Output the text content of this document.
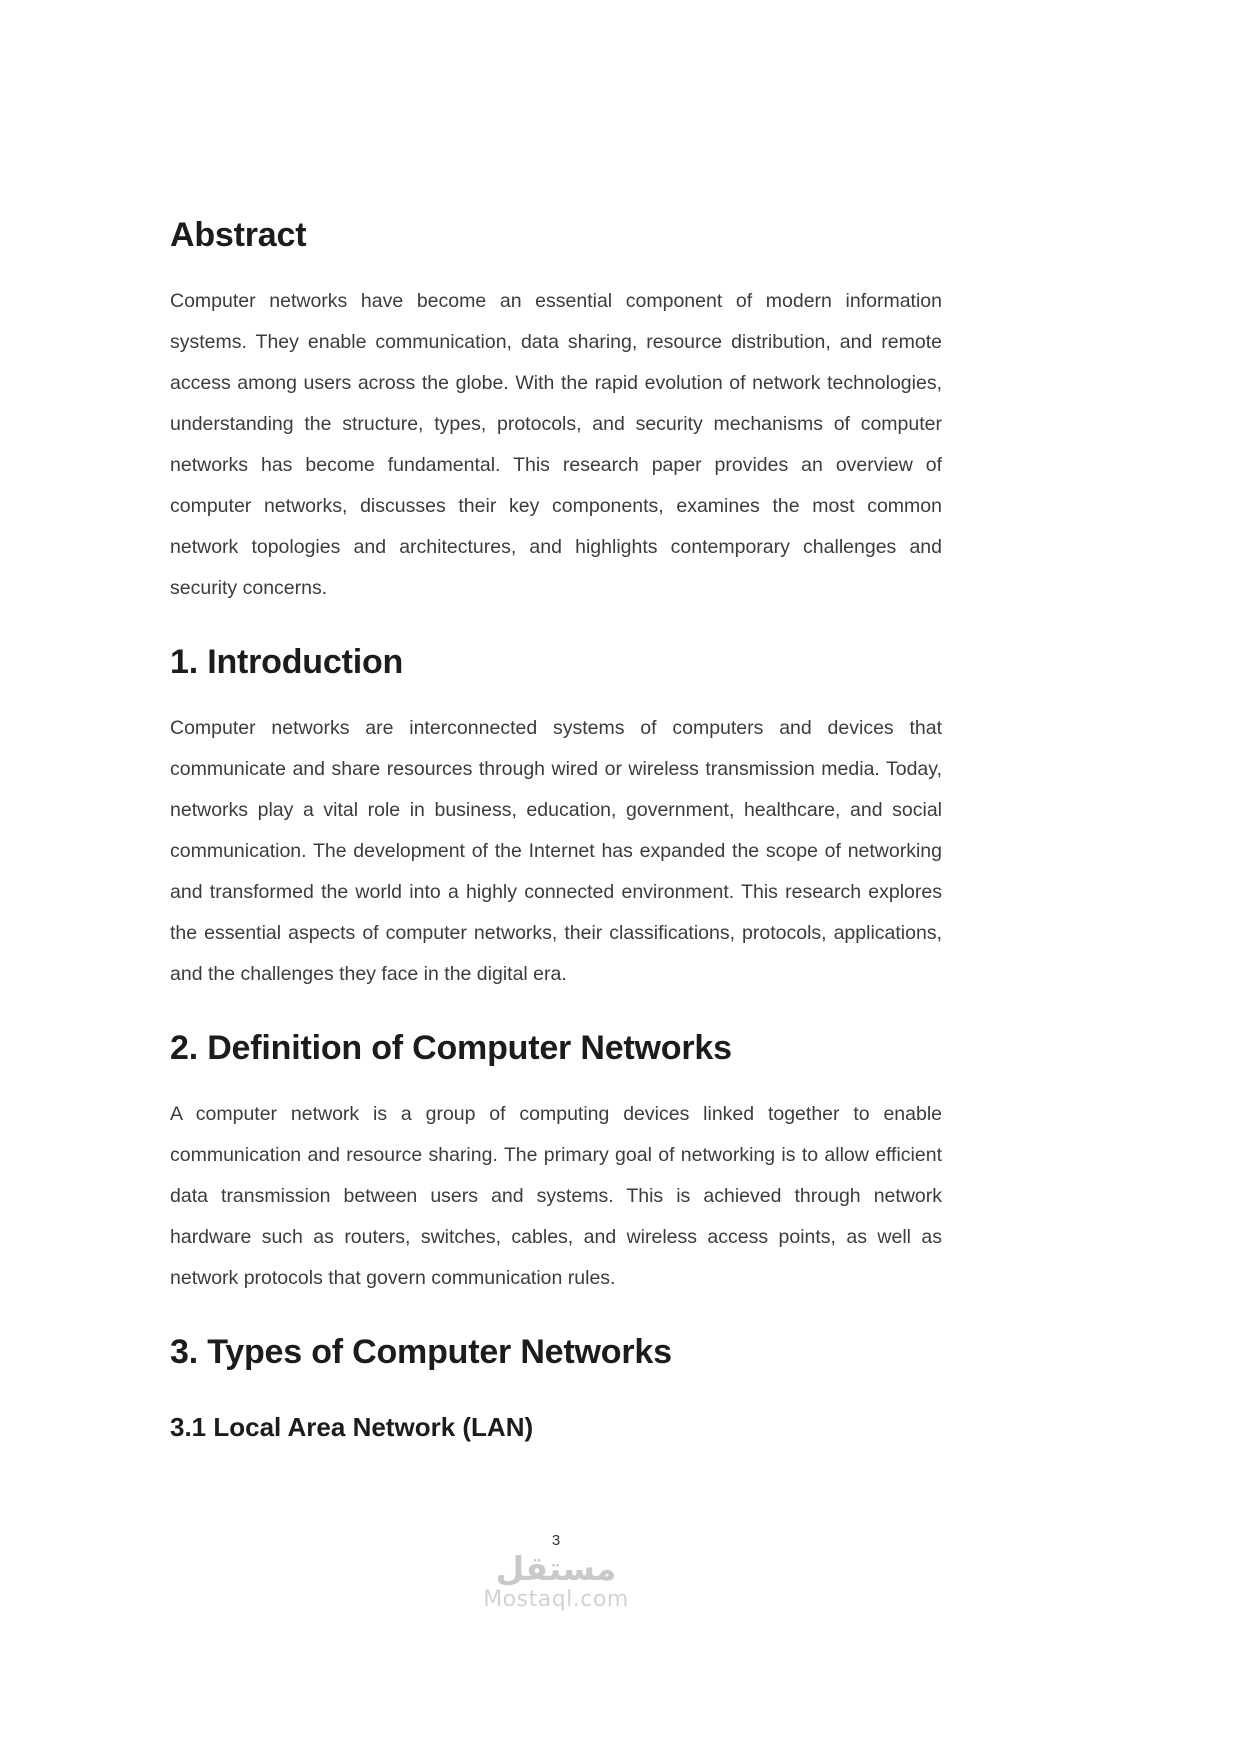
Abstract

Computer networks have become an essential component of modern information systems. They enable communication, data sharing, resource distribution, and remote access among users across the globe. With the rapid evolution of network technologies, understanding the structure, types, protocols, and security mechanisms of computer networks has become fundamental. This research paper provides an overview of computer networks, discusses their key components, examines the most common network topologies and architectures, and highlights contemporary challenges and security concerns.

1. Introduction

Computer networks are interconnected systems of computers and devices that communicate and share resources through wired or wireless transmission media. Today, networks play a vital role in business, education, government, healthcare, and social communication. The development of the Internet has expanded the scope of networking and transformed the world into a highly connected environment. This research explores the essential aspects of computer networks, their classifications, protocols, applications, and the challenges they face in the digital era.

2. Definition of Computer Networks

A computer network is a group of computing devices linked together to enable communication and resource sharing. The primary goal of networking is to allow efficient data transmission between users and systems. This is achieved through network hardware such as routers, switches, cables, and wireless access points, as well as network protocols that govern communication rules.

3. Types of Computer Networks
3.1 Local Area Network (LAN)
3
مستقل
Mostaql.com
